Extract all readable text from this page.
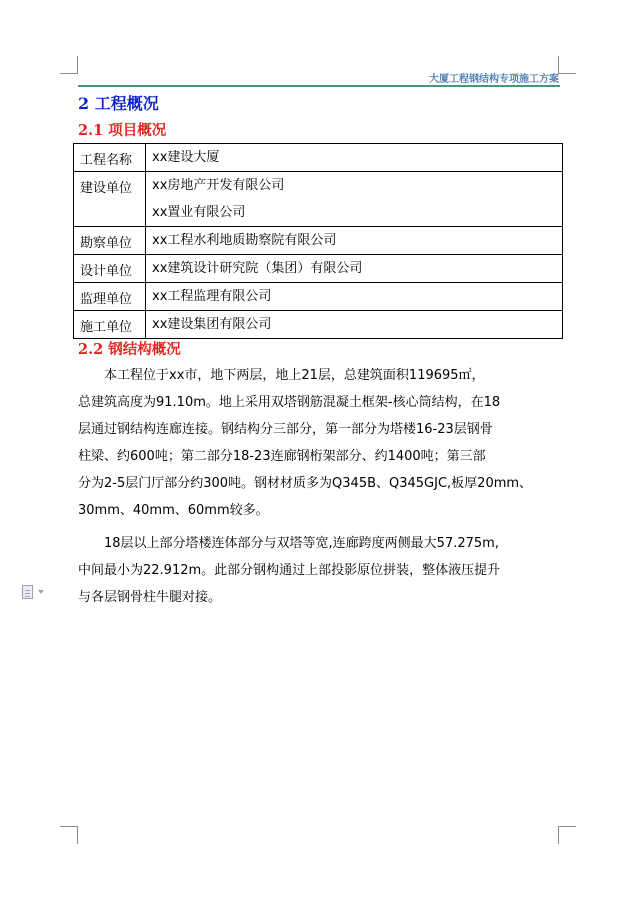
大厦工程钢结构专项施工方案
2 工程概况
2.1 项目概况
工程名称	xx建设大厦
建设单位	xx房地产开发有限公司
xx置业有限公司

勘察单位	xx工程水利地质勘察院有限公司
设计单位	xx建筑设计研究院（集团）有限公司
监理单位	xx工程监理有限公司
施工单位	xx建设集团有限公司
2.2 钢结构概况
　　本工程位于xx市，地下两层，地上21层，总建筑面积119695㎡，
总建筑高度为91.10m。地上采用双塔钢筋混凝土框架-核心筒结构，在18
层通过钢结构连廊连接。钢结构分三部分，第一部分为塔楼16-23层钢骨
柱梁、约600吨；第二部分18-23连廊钢桁架部分、约1400吨；第三部
分为2-5层门厅部分约300吨。钢材材质多为Q345B、Q345GJC,板厚20mm、
30mm、40mm、60mm较多。
　　18层以上部分塔楼连体部分与双塔等宽,连廊跨度两侧最大57.275m,
中间最小为22.912m。此部分钢构通过上部投影原位拼装，整体液压提升
与各层钢骨柱牛腿对接。
